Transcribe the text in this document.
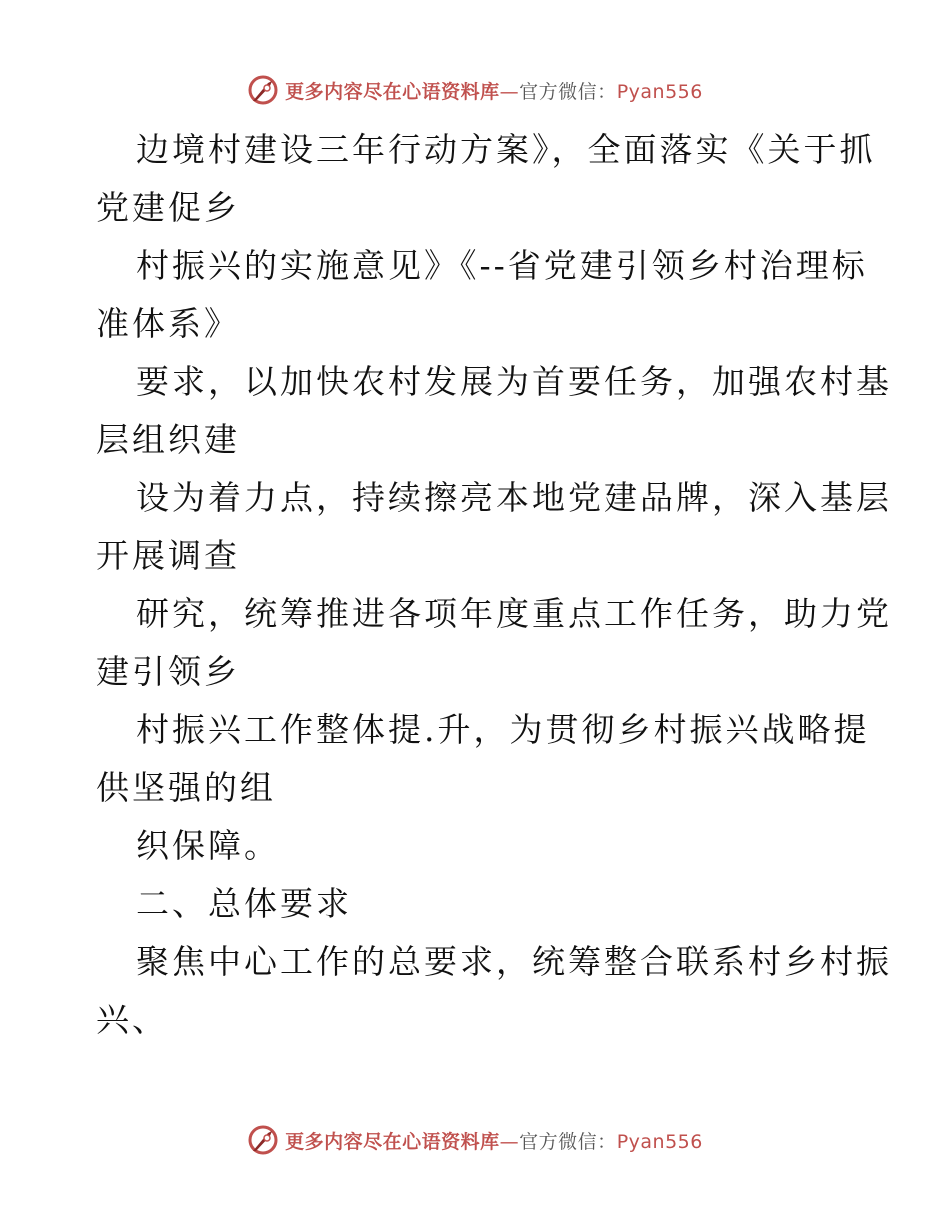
更多内容尽在心语资料库—官方微信：Pyan556
边境村建设三年行动方案》，全面落实《关于抓
党建促乡
村振兴的实施意见》《--省党建引领乡村治理标
准体系》
要求，以加快农村发展为首要任务，加强农村基
层组织建
设为着力点，持续擦亮本地党建品牌，深入基层
开展调查
研究，统筹推进各项年度重点工作任务，助力党
建引领乡
村振兴工作整体提.升，为贯彻乡村振兴战略提
供坚强的组
织保障。
二、总体要求
聚焦中心工作的总要求，统筹整合联系村乡村振
兴、
更多内容尽在心语资料库—官方微信：Pyan556
